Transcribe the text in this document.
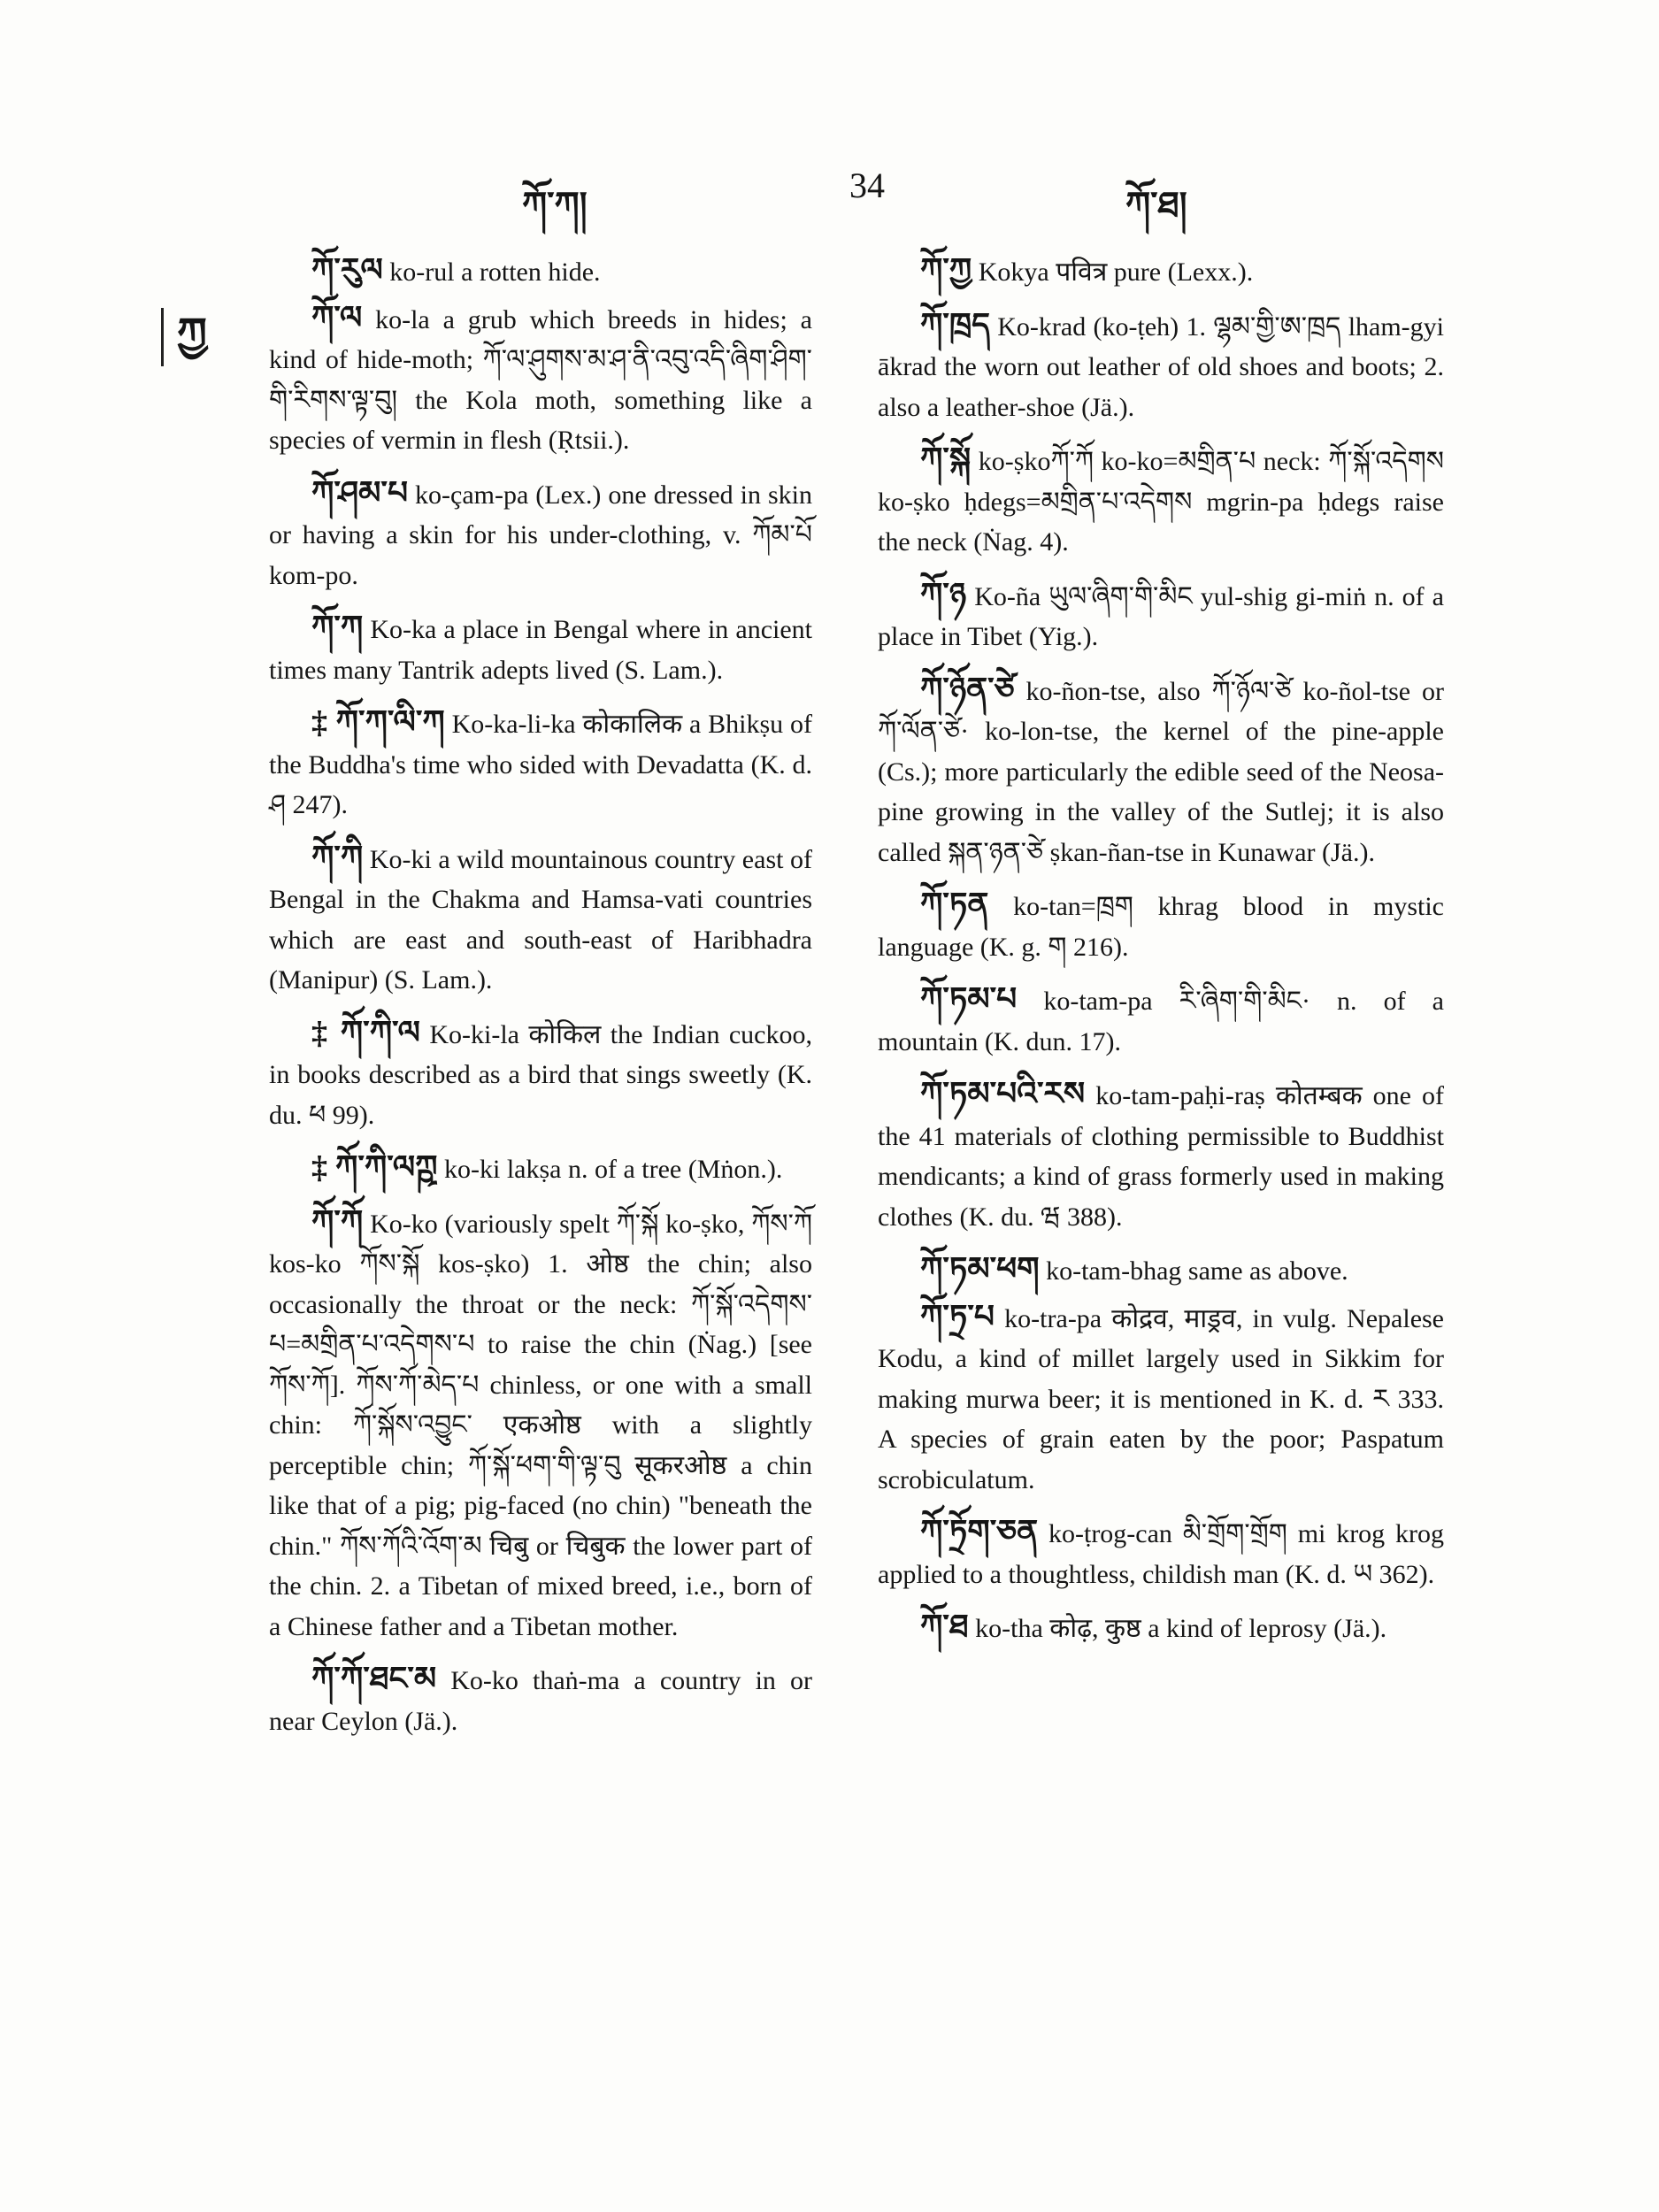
ཀོ་ཀ།	34	ཀོ་ཐ།
ཀྱ

ཀོ་རུལ ko-rul a rotten hide.

ཀོ་ལ ko-la a grub which breeds in hides; a kind of hide-moth; ཀོ་ལ་ཤུགས་མ་ཤ་ནི་འབུ་འདི་ཞིག་ཤིག་གི་རིགས་ལྟ་བུ། the Kola moth, something like a species of vermin in flesh (Ṛtsii.).

ཀོ་ཤམ་པ ko-çam-pa (Lex.) one dressed in skin or having a skin for his under-clothing, v. ཀོམ་པོ kom-po.

ཀོ་ཀ Ko-ka a place in Bengal where in ancient times many Tantrik adepts lived (S. Lam.).

‡ ཀོ་ཀ་ལི་ཀ Ko-ka-li-ka कोकालिक a Bhikṣu of the Buddha's time who sided with Devadatta (K. d. ཤ 247).

ཀོ་ཀི Ko-ki a wild mountainous country east of Bengal in the Chakma and Hamsa-vati countries which are east and south-east of Haribhadra (Manipur) (S. Lam.).

‡ ཀོ་ཀི་ལ Ko-ki-la कोकिल the Indian cuckoo, in books described as a bird that sings sweetly (K. du. ཕ 99).

‡ ཀོ་ཀི་ལཀྵ ko-ki lakṣa n. of a tree (Mṅon.).

ཀོ་ཀོ Ko-ko (variously spelt ཀོ་སྐོ ko-ṣko, ཀོས་ཀོ kos-ko ཀོས་སྐོ kos-ṣko) 1. ओष्ठ the chin; also occasionally the throat or the neck: ཀོ་སྐོ་འདེགས་པ=མགྲིན་པ་འདེགས་པ to raise the chin (Ṅag.) [see ཀོས་ཀོ]. ཀོས་ཀོ་མེད་པ chinless, or one with a small chin: ཀོ་སྐོས་འབྱུང་ एकओष्ठ with a slightly perceptible chin; ཀོ་སྐོ་ཕག་གི་ལྟ་བུ सूकरओष्ठ a chin like that of a pig; pig-faced (no chin) "beneath the chin." ཀོས་ཀོའི་འོག་མ चिबु or चिबुक the lower part of the chin. 2. a Tibetan of mixed breed, i.e., born of a Chinese father and a Tibetan mother.

ཀོ་ཀོ་ཐང་མ Ko-ko thaṅ-ma a country in or near Ceylon (Jä.).

ཀོ་ཀྱ Kokya पवित्र pure (Lexx.).

ཀོ་ཁྲད Ko-krad (ko-ṭeh) 1. ལྷམ་གྱི་ཨ་ཁྲད lham-gyi ākrad the worn out leather of old shoes and boots; 2. also a leather-shoe (Jä.).

ཀོ་སྐོ ko-ṣkoཀོ་ཀོ ko-ko=མགྲིན་པ neck: ཀོ་སྐོ་འདེགས ko-ṣko ḥdegs=མགྲིན་པ་འདེགས mgrin-pa ḥdegs raise the neck (Ṅag. 4).

ཀོ་ཉ Ko-ña ཡུལ་ཞིག་གི་མིང yul-shig gi-miṅ n. of a place in Tibet (Yig.).

ཀོ་ཉོན་ཙེ ko-ñon-tse, also ཀོ་ཉོལ་ཙེ ko-ñol-tse or ཀོ་ལོན་ཙེ· ko-lon-tse, the kernel of the pine-apple (Cs.); more particularly the edible seed of the Neosa-pine growing in the valley of the Sutlej; it is also called སྐན་ཉན་ཙེ ṣkan-ñan-tse in Kunawar (Jä.).

ཀོ་ཏན ko-tan=ཁྲག khrag blood in mystic language (K. g. ག 216).

ཀོ་ཏམ་པ ko-tam-pa རི་ཞིག་གི་མིང· n. of a mountain (K. dun. 17).

ཀོ་ཏམ་པའི་རས ko-tam-paḥi-raṣ कोतम्बक one of the 41 materials of clothing permissible to Buddhist mendicants; a kind of grass formerly used in making clothes (K. du. ཝ 388).

ཀོ་ཏམ་ཕག ko-tam-bhag same as above.

ཀོ་ཏྲ་པ ko-tra-pa कोद्रव, माड्रव, in vulg. Nepalese Kodu, a kind of millet largely used in Sikkim for making murwa beer; it is mentioned in K. d. ར 333. A species of grain eaten by the poor; Paspatum scrobiculatum.

ཀོ་ཏྲོག་ཅན ko-ṭrog-can མི་གྲོག་གྲོག mi krog krog applied to a thoughtless, childish man (K. d. ཡ 362).

ཀོ་ཐ ko-tha कोढ़, कुष्ठ a kind of leprosy (Jä.).
